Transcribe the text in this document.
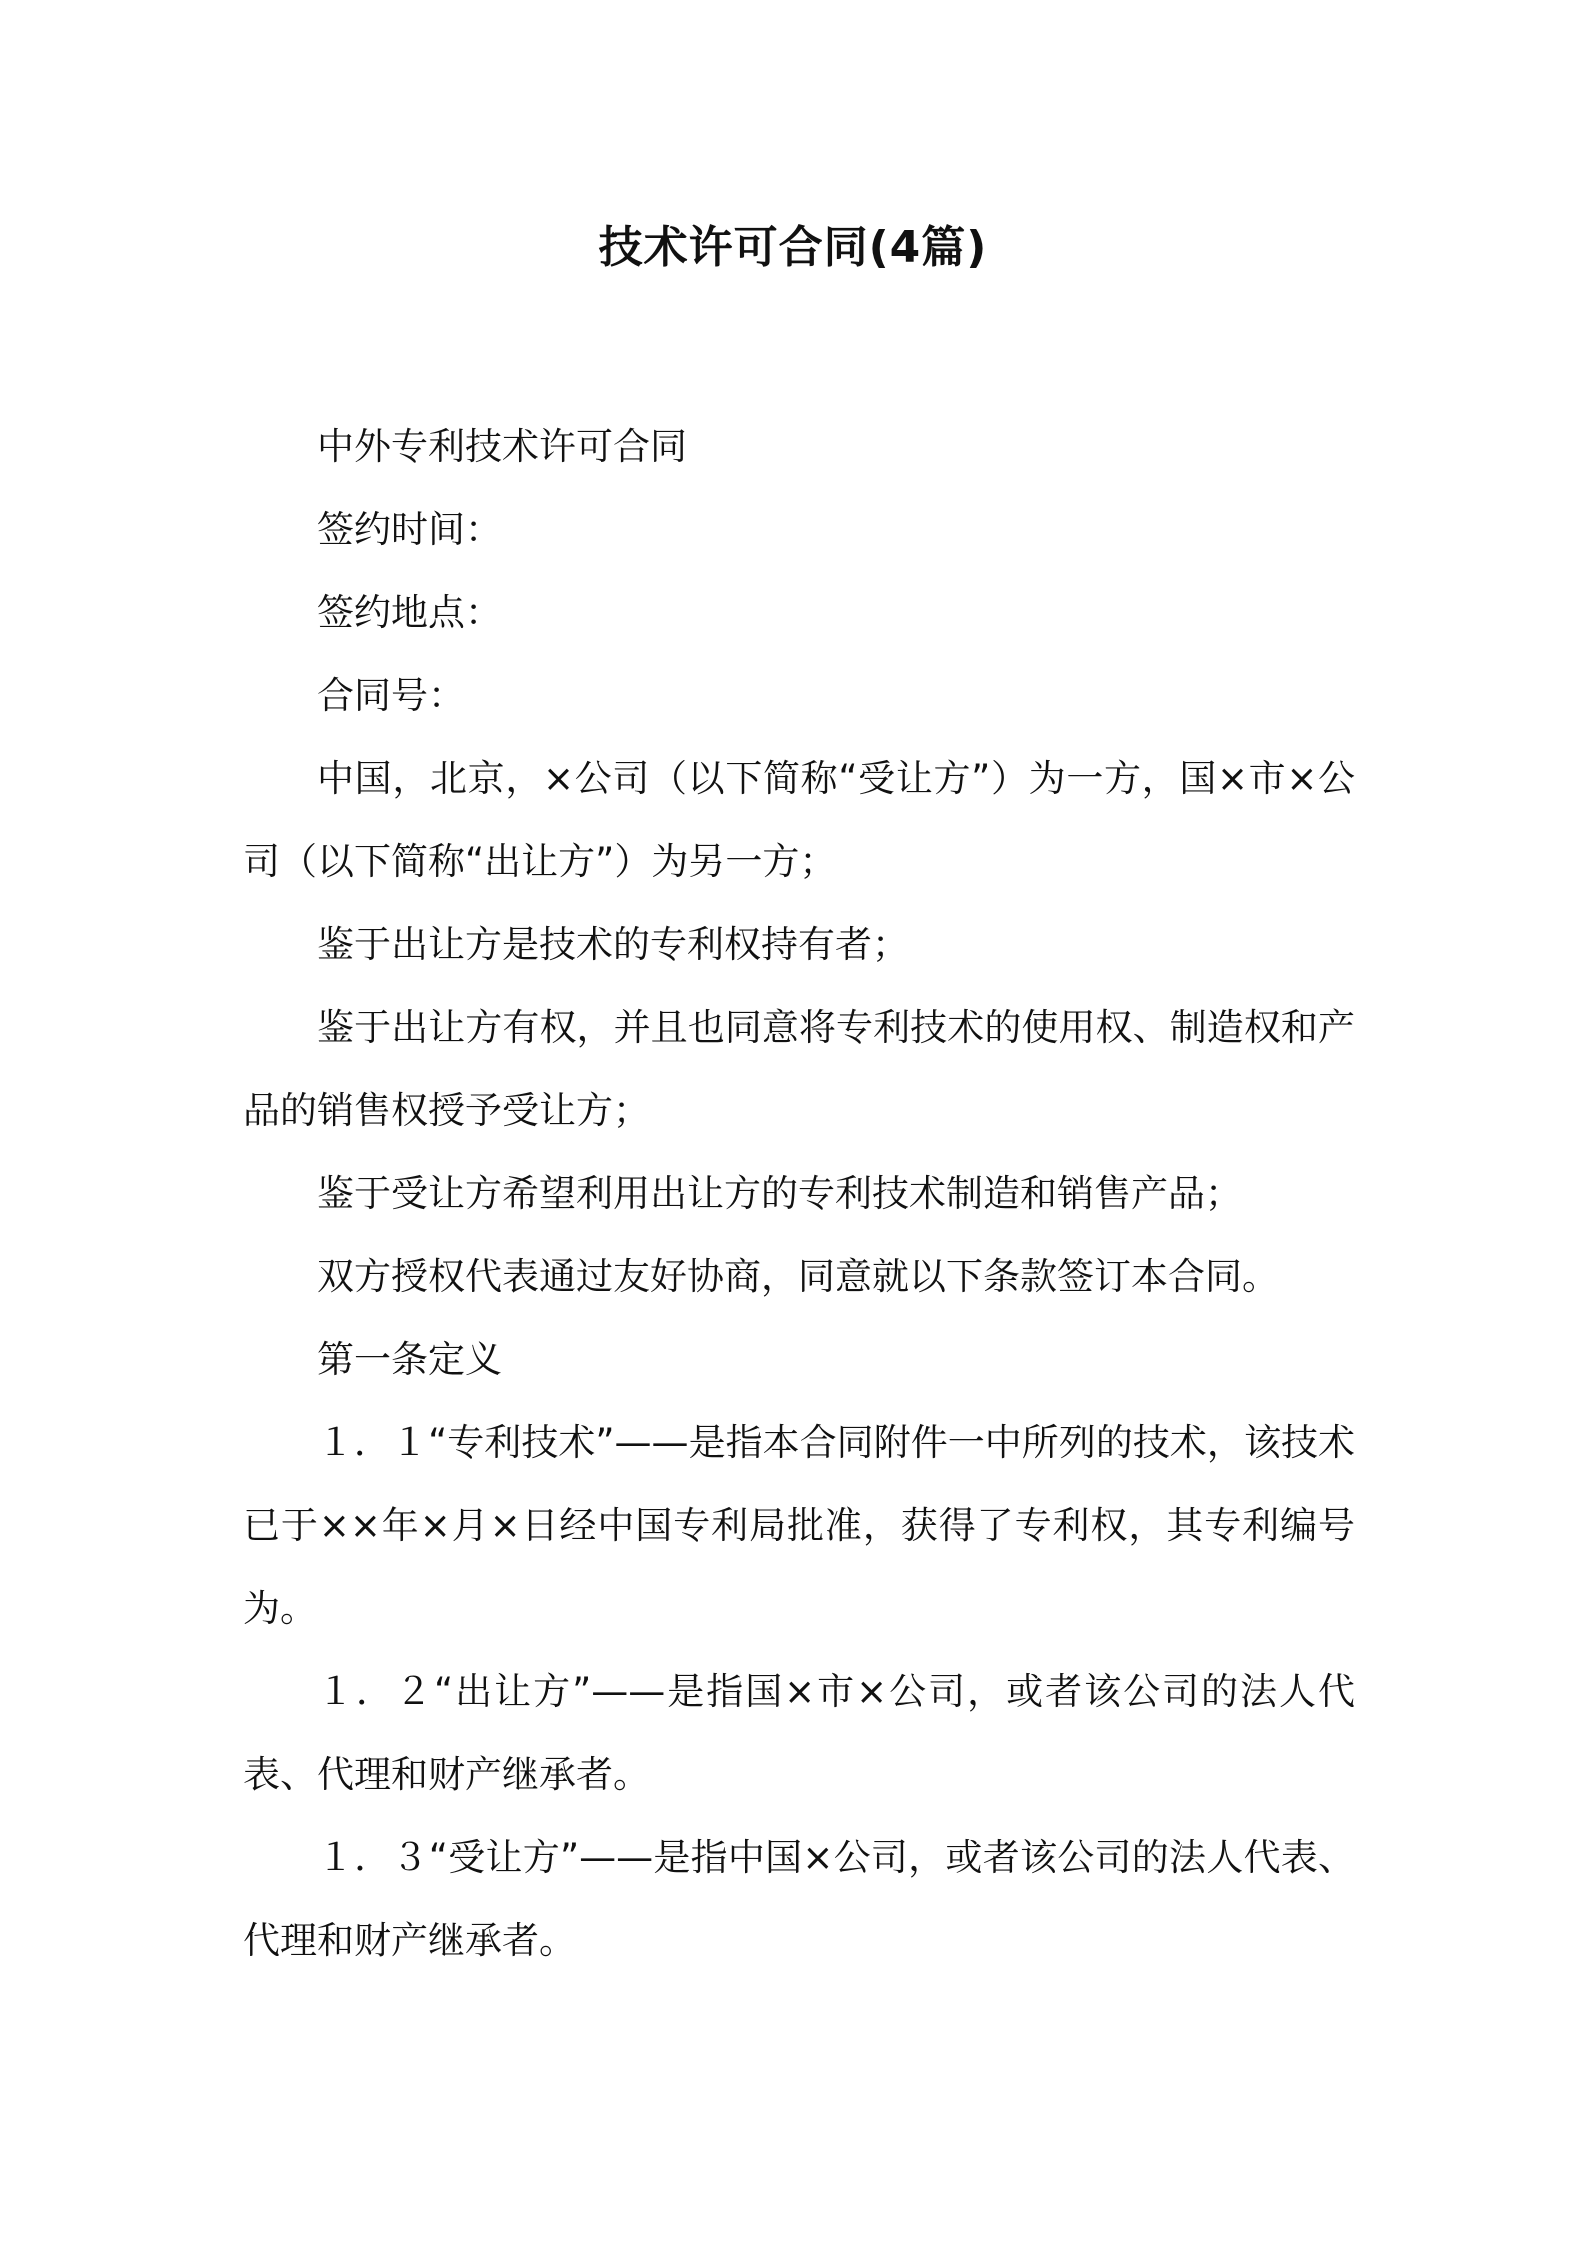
技术许可合同(4篇)

中外专利技术许可合同

签约时间：

签约地点：

合同号：

中国，北京，×公司（以下简称“受让方”）为一方，国×市×公司（以下简称“出让方”）为另一方；

鉴于出让方是技术的专利权持有者；

鉴于出让方有权，并且也同意将专利技术的使用权、制造权和产品的销售权授予受让方；

鉴于受让方希望利用出让方的专利技术制造和销售产品；

双方授权代表通过友好协商，同意就以下条款签订本合同。

第一条定义

１．１“专利技术”——是指本合同附件一中所列的技术，该技术已于××年×月×日经中国专利局批准，获得了专利权，其专利编号为。

１．２“出让方”——是指国×市×公司，或者该公司的法人代表、代理和财产继承者。

１．３“受让方”——是指中国×公司，或者该公司的法人代表、代理和财产继承者。
